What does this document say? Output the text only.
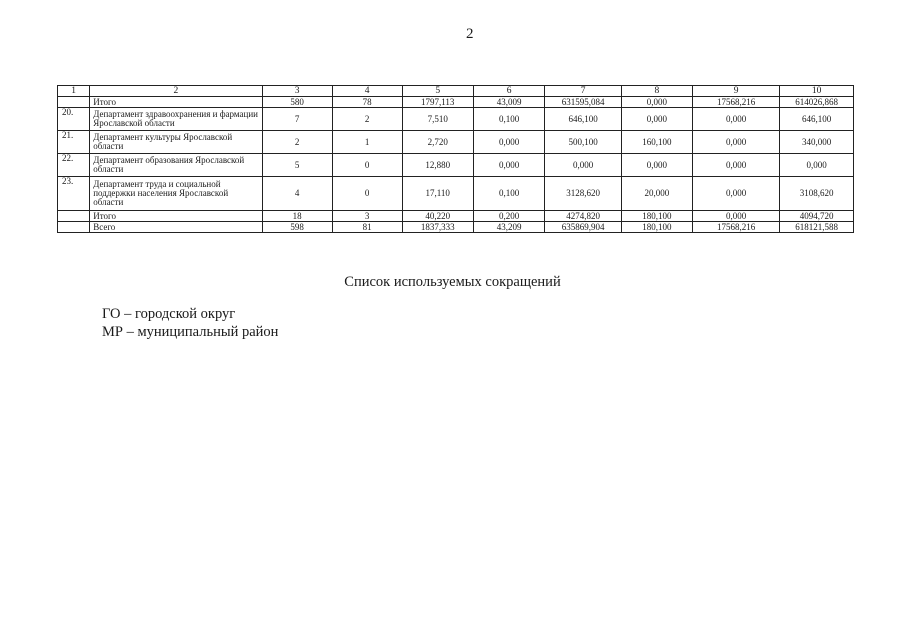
2
1	2	3	4	5	6	7	8	9	10
	Итого	580	78	1797,113	43,009	631595,084	0,000	17568,216	614026,868
20.	Департамент здравоохранения и фармации Ярославской области	7	2	7,510	0,100	646,100	0,000	0,000	646,100
21.	Департамент культуры Ярославской области	2	1	2,720	0,000	500,100	160,100	0,000	340,000
22.	Департамент образования Ярославской области	5	0	12,880	0,000	0,000	0,000	0,000	0,000
23.	Департамент труда и социальной поддержки населения Ярославской области	4	0	17,110	0,100	3128,620	20,000	0,000	3108,620
	Итого	18	3	40,220	0,200	4274,820	180,100	0,000	4094,720
	Всего	598	81	1837,333	43,209	635869,904	180,100	17568,216	618121,588
Список используемых сокращений
ГО – городской округ
МР – муниципальный район
